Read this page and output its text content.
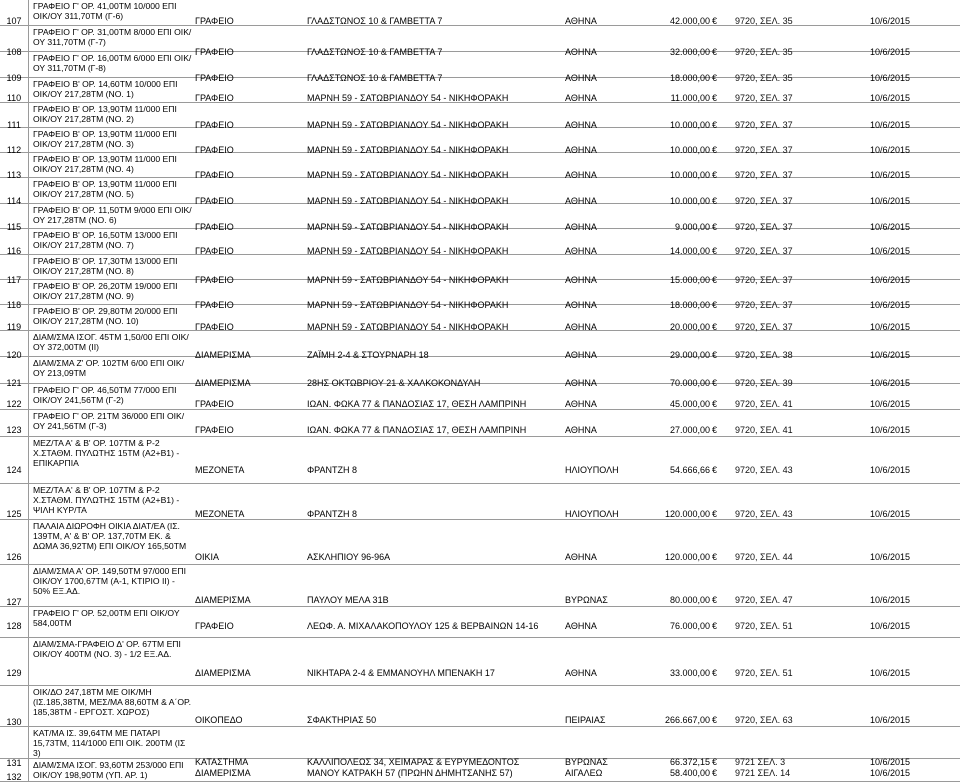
107
ΓΡΑΦΕΙΟ Γ' ΟΡ. 41,00ΤΜ 10/000 ΕΠΙ ΟΙΚ/ΟΥ 311,70ΤΜ (Γ-6)	ΓΡΑΦΕΙΟ	ΓΛΑΔΣΤΩΝΟΣ 10 & ΓΑΜΒΕΤΤΑ 7	ΑΘΗΝΑ	42.000,00 € 9720, ΣΕΛ. 35	10/6/2015
108
ΓΡΑΦΕΙΟ Γ' ΟΡ. 31,00ΤΜ 8/000 ΕΠΙ ΟΙΚ/ΟΥ 311,70ΤΜ (Γ-7)
ΓΡΑΦΕΙΟ	ΓΛΑΔΣΤΩΝΟΣ 10 & ΓΑΜΒΕΤΤΑ 7	ΑΘΗΝΑ	32.000,00 € 9720, ΣΕΛ. 35	10/6/2015
109
ΓΡΑΦΕΙΟ Γ' ΟΡ. 16,00ΤΜ 6/000 ΕΠΙ ΟΙΚ/ΟΥ 311,70ΤΜ (Γ-8)
ΓΡΑΦΕΙΟ	ΓΛΑΔΣΤΩΝΟΣ 10 & ΓΑΜΒΕΤΤΑ 7	ΑΘΗΝΑ	18.000,00 € 9720, ΣΕΛ. 35	10/6/2015
110
ΓΡΑΦΕΙΟ Β' ΟΡ. 14,60ΤΜ 10/000 ΕΠΙ ΟΙΚ/ΟΥ 217,28ΤΜ (ΝΟ. 1)	ΓΡΑΦΕΙΟ	ΜΑΡΝΗ 59 - ΣΑΤΩΒΡΙΑΝΔΟΥ 54 - ΝΙΚΗΦΟΡΑΚΗ	ΑΘΗΝΑ	11.000,00 € 9720, ΣΕΛ. 37	10/6/2015
111
ΓΡΑΦΕΙΟ Β' ΟΡ. 13,90ΤΜ 11/000 ΕΠΙ ΟΙΚ/ΟΥ 217,28ΤΜ (ΝΟ. 2)
ΓΡΑΦΕΙΟ	ΜΑΡΝΗ 59 - ΣΑΤΩΒΡΙΑΝΔΟΥ 54 - ΝΙΚΗΦΟΡΑΚΗ	ΑΘΗΝΑ	10.000,00 € 9720, ΣΕΛ. 37	10/6/2015
112
ΓΡΑΦΕΙΟ Β' ΟΡ. 13,90ΤΜ 11/000 ΕΠΙ ΟΙΚ/ΟΥ 217,28ΤΜ (ΝΟ. 3)
ΓΡΑΦΕΙΟ	ΜΑΡΝΗ 59 - ΣΑΤΩΒΡΙΑΝΔΟΥ 54 - ΝΙΚΗΦΟΡΑΚΗ	ΑΘΗΝΑ	10.000,00 € 9720, ΣΕΛ. 37	10/6/2015
113
ΓΡΑΦΕΙΟ Β' ΟΡ. 13,90ΤΜ 11/000 ΕΠΙ ΟΙΚ/ΟΥ 217,28ΤΜ (ΝΟ. 4)
ΓΡΑΦΕΙΟ	ΜΑΡΝΗ 59 - ΣΑΤΩΒΡΙΑΝΔΟΥ 54 - ΝΙΚΗΦΟΡΑΚΗ	ΑΘΗΝΑ	10.000,00 € 9720, ΣΕΛ. 37	10/6/2015
114
ΓΡΑΦΕΙΟ Β' ΟΡ. 13,90ΤΜ 11/000 ΕΠΙ ΟΙΚ/ΟΥ 217,28ΤΜ (ΝΟ. 5)
ΓΡΑΦΕΙΟ	ΜΑΡΝΗ 59 - ΣΑΤΩΒΡΙΑΝΔΟΥ 54 - ΝΙΚΗΦΟΡΑΚΗ	ΑΘΗΝΑ	10.000,00 € 9720, ΣΕΛ. 37	10/6/2015
115
ΓΡΑΦΕΙΟ Β' ΟΡ. 11,50ΤΜ 9/000 ΕΠΙ ΟΙΚ/ΟΥ 217,28ΤΜ (ΝΟ. 6)
ΓΡΑΦΕΙΟ	ΜΑΡΝΗ 59 - ΣΑΤΩΒΡΙΑΝΔΟΥ 54 - ΝΙΚΗΦΟΡΑΚΗ	ΑΘΗΝΑ	9.000,00 € 9720, ΣΕΛ. 37	10/6/2015
116
ΓΡΑΦΕΙΟ Β' ΟΡ. 16,50ΤΜ 13/000 ΕΠΙ ΟΙΚ/ΟΥ 217,28ΤΜ (ΝΟ. 7)
ΓΡΑΦΕΙΟ	ΜΑΡΝΗ 59 - ΣΑΤΩΒΡΙΑΝΔΟΥ 54 - ΝΙΚΗΦΟΡΑΚΗ	ΑΘΗΝΑ	14.000,00 € 9720, ΣΕΛ. 37	10/6/2015
117
ΓΡΑΦΕΙΟ Β' ΟΡ. 17,30ΤΜ 13/000 ΕΠΙ ΟΙΚ/ΟΥ 217,28ΤΜ (ΝΟ. 8)
ΓΡΑΦΕΙΟ	ΜΑΡΝΗ 59 - ΣΑΤΩΒΡΙΑΝΔΟΥ 54 - ΝΙΚΗΦΟΡΑΚΗ	ΑΘΗΝΑ	15.000,00 € 9720, ΣΕΛ. 37	10/6/2015
118
ΓΡΑΦΕΙΟ Β' ΟΡ. 26,20ΤΜ 19/000 ΕΠΙ ΟΙΚ/ΟΥ 217,28ΤΜ (ΝΟ. 9)
ΓΡΑΦΕΙΟ	ΜΑΡΝΗ 59 - ΣΑΤΩΒΡΙΑΝΔΟΥ 54 - ΝΙΚΗΦΟΡΑΚΗ	ΑΘΗΝΑ	18.000,00 € 9720, ΣΕΛ. 37	10/6/2015
119
ΓΡΑΦΕΙΟ Β' ΟΡ. 29,80ΤΜ 20/000 ΕΠΙ ΟΙΚ/ΟΥ 217,28ΤΜ (ΝΟ. 10)
ΓΡΑΦΕΙΟ	ΜΑΡΝΗ 59 - ΣΑΤΩΒΡΙΑΝΔΟΥ 54 - ΝΙΚΗΦΟΡΑΚΗ	ΑΘΗΝΑ	20.000,00 € 9720, ΣΕΛ. 37	10/6/2015
120
ΔΙΑΜ/ΣΜΑ ΙΣΟΓ. 45ΤΜ 1,50/00 ΕΠΙ ΟΙΚ/ΟΥ 372,00ΤΜ (ΙΙ)
ΔΙΑΜΕΡΙΣΜΑ	ΖΑΪΜΗ 2-4 & ΣΤΟΥΡΝΑΡΗ 18	ΑΘΗΝΑ	29.000,00 € 9720, ΣΕΛ. 38	10/6/2015
121
ΔΙΑΜ/ΣΜΑ Ζ' ΟΡ. 102ΤΜ 6/00 ΕΠΙ ΟΙΚ/ΟΥ 213,09ΤΜ
ΔΙΑΜΕΡΙΣΜΑ	28ΗΣ ΟΚΤΩΒΡΙΟΥ 21 & ΧΑΛΚΟΚΟΝΔΥΛΗ	ΑΘΗΝΑ	70.000,00 € 9720, ΣΕΛ. 39	10/6/2015
122
ΓΡΑΦΕΙΟ Γ' ΟΡ. 46,50ΤΜ 77/000 ΕΠΙ ΟΙΚ/ΟΥ 241,56ΤΜ (Γ-2)	ΓΡΑΦΕΙΟ	ΙΩΑΝ. ΦΩΚΑ 77 & ΠΑΝΔΟΣΙΑΣ 17, ΘΕΣΗ ΛΑΜΠΡΙΝΗ	ΑΘΗΝΑ	45.000,00 € 9720, ΣΕΛ. 41	10/6/2015
123
ΓΡΑΦΕΙΟ Γ' ΟΡ. 21ΤΜ 36/000 ΕΠΙ ΟΙΚ/ΟΥ 241,56ΤΜ (Γ-3)	ΓΡΑΦΕΙΟ	ΙΩΑΝ. ΦΩΚΑ 77 & ΠΑΝΔΟΣΙΑΣ 17, ΘΕΣΗ ΛΑΜΠΡΙΝΗ	ΑΘΗΝΑ	27.000,00 € 9720, ΣΕΛ. 41	10/6/2015
124
ΜΕΖ/ΤΑ Α' & Β' ΟΡ. 107ΤΜ & Ρ-2 Χ.ΣΤΑΘΜ. ΠΥΛΩΤΗΣ 15ΤΜ (Α2+Β1) - ΕΠΙΚΑΡΠΙΑ
ΜΕΖΟΝΕΤΑ	ΦΡΑΝΤΖΗ 8	ΗΛΙΟΥΠΟΛΗ	54.666,66 € 9720, ΣΕΛ. 43	10/6/2015
125
ΜΕΖ/ΤΑ Α' & Β' ΟΡ. 107ΤΜ & Ρ-2 Χ.ΣΤΑΘΜ. ΠΥΛΩΤΗΣ 15ΤΜ (Α2+Β1) - ΨΙΛΗ ΚΥΡ/ΤΑ	ΜΕΖΟΝΕΤΑ	ΦΡΑΝΤΖΗ 8	ΗΛΙΟΥΠΟΛΗ	120.000,00 € 9720, ΣΕΛ. 43	10/6/2015
126
ΠΑΛΑΙΑ ΔΙΩΡΟΦΗ ΟΙΚΙΑ ΔΙΑΤ/ΕΑ (ΙΣ. 139ΤΜ, Α' & Β' ΟΡ. 137,70ΤΜ ΕΚ. & ΔΩΜΑ 36,92ΤΜ) ΕΠΙ ΟΙΚ/ΟΥ 165,50ΤΜ
ΟΙΚΙΑ	ΑΣΚΛΗΠΙΟΥ 96-96Α	ΑΘΗΝΑ	120.000,00 € 9720, ΣΕΛ. 44	10/6/2015
127
ΔΙΑΜ/ΣΜΑ Α' ΟΡ. 149,50ΤΜ 97/000 ΕΠΙ ΟΙΚ/ΟΥ 1700,67ΤΜ (Α-1, ΚΤΙΡΙΟ ΙΙ) - 50% ΕΞ.ΑΔ.
ΔΙΑΜΕΡΙΣΜΑ	ΠΑΥΛΟΥ ΜΕΛΑ 31Β	ΒΥΡΩΝΑΣ	80.000,00 € 9720, ΣΕΛ. 47	10/6/2015
128
ΓΡΑΦΕΙΟ Γ' ΟΡ. 52,00ΤΜ ΕΠΙ ΟΙΚ/ΟΥ 584,00ΤΜ	ΓΡΑΦΕΙΟ	ΛΕΩΦ. Α. ΜΙΧΑΛΑΚΟΠΟΥΛΟΥ 125 & ΒΕΡΒΑΙΝΩΝ 14-16	ΑΘΗΝΑ	76.000,00 € 9720, ΣΕΛ. 51	10/6/2015
129
ΔΙΑΜ/ΣΜΑ-ΓΡΑΦΕΙΟ Δ' ΟΡ. 67ΤΜ ΕΠΙ ΟΙΚ/ΟΥ 400ΤΜ (ΝΟ. 3) - 1/2 ΕΞ.ΑΔ.
ΔΙΑΜΕΡΙΣΜΑ	ΝΙΚΗΤΑΡΑ 2-4 & ΕΜΜΑΝΟΥΗΛ ΜΠΕΝΑΚΗ 17	ΑΘΗΝΑ	33.000,00 € 9720, ΣΕΛ. 51	10/6/2015
130
ΟΙΚ/ΔΟ 247,18ΤΜ ΜΕ ΟΙΚ/ΜΗ (ΙΣ.185,38ΤΜ, ΜΕΣ/ΜΑ 88,60ΤΜ & Α΄ΟΡ. 185,38ΤΜ - ΕΡΓΟΣΤ. ΧΩΡΟΣ)
ΟΙΚΟΠΕΔΟ	ΣΦΑΚΤΗΡΙΑΣ 50	ΠΕΙΡΑΙΑΣ	266.667,00 € 9720, ΣΕΛ. 63	10/6/2015
131
ΚΑΤ/ΜΑ ΙΣ. 39,64ΤΜ ΜΕ ΠΑΤΑΡΙ 15,73ΤΜ, 114/1000 ΕΠΙ ΟΙΚ. 200ΤΜ (ΙΣ 3)
ΚΑΤΑΣΤΗΜΑ	ΚΑΛΛΙΠΟΛΕΩΣ 34, ΧΕΙΜΑΡΑΣ & ΕΥΡΥΜΕΔΟΝΤΟΣ	ΒΥΡΩΝΑΣ	66.372,15 € 9721 ΣΕΛ. 3	10/6/2015
132
ΔΙΑΜ/ΣΜΑ ΙΣΟΓ. 93,60ΤΜ 253/000 ΕΠΙ ΟΙΚ/ΟΥ 198,90ΤΜ (ΥΠ. ΑΡ. 1)	ΔΙΑΜΕΡΙΣΜΑ	ΜΑΝΟΥ ΚΑΤΡΑΚΗ 57 (ΠΡΩΗΝ ΔΗΜΗΤΣΑΝΗΣ 57)	ΑΙΓΑΛΕΩ	58.400,00 € 9721 ΣΕΛ. 14	10/6/2015
